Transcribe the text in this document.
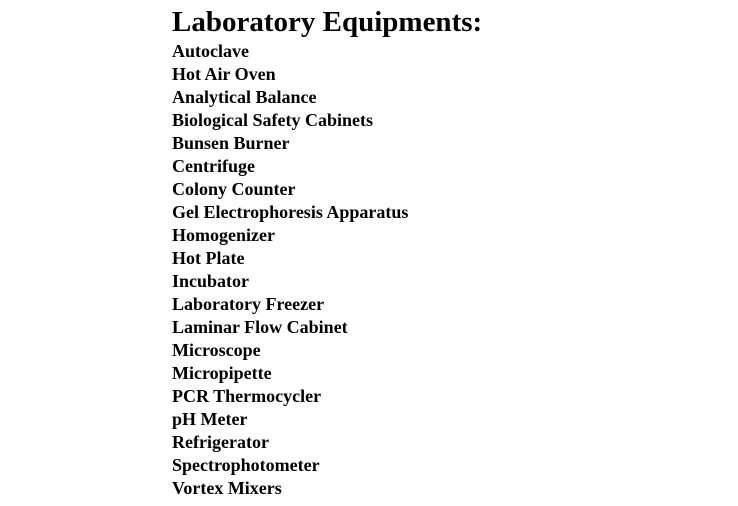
Laboratory Equipments:
Autoclave
Hot Air Oven
Analytical Balance
Biological Safety Cabinets
Bunsen Burner
Centrifuge
Colony Counter
Gel Electrophoresis Apparatus
Homogenizer
Hot Plate
Incubator
Laboratory Freezer
Laminar Flow Cabinet
Microscope
Micropipette
PCR Thermocycler
pH Meter
Refrigerator
Spectrophotometer
Vortex Mixers
